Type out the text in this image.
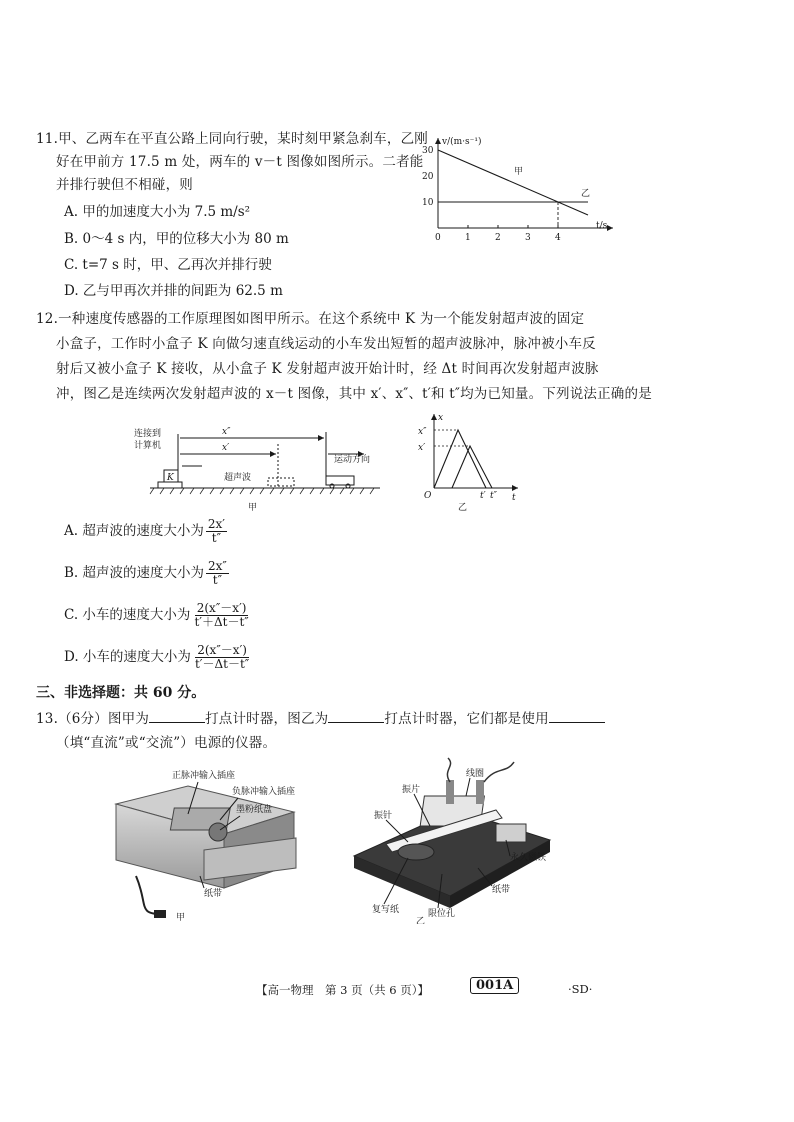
11.甲、乙两车在平直公路上同向行驶，某时刻甲紧急刹车，乙刚
好在甲前方 17.5 m 处，两车的 v－t 图像如图所示。二者能
并排行驶但不相碰，则
A. 甲的加速度大小为 7.5 m/s²
B. 0～4 s 内，甲的位移大小为 80 m
C. t=7 s 时，甲、乙再次并排行驶
D. 乙与甲再次并排的间距为 62.5 m
v/(m·s⁻¹)
t/s
30
20
10
0	1	2	3	4
甲
乙
12.一种速度传感器的工作原理图如图甲所示。在这个系统中 K 为一个能发射超声波的固定
小盒子，工作时小盒子 K 向做匀速直线运动的小车发出短暂的超声波脉冲，脉冲被小车反
射后又被小盒子 K 接收，从小盒子 K 发射超声波开始计时，经 Δt 时间再次发射超声波脉
冲，图乙是连续两次发射超声波的 x－t 图像，其中 x′、x″、t′和 t″均为已知量。下列说法正确的是
连接到
计算机
K
x″
x′
超声波
运动方向
甲
x
t
O
x″
x′
t′ t″
乙
A. 超声波的速度大小为 $\frac{2x'}{t''}$
B. 超声波的速度大小为 $\frac{2x''}{t''}$
C. 小车的速度大小为 $\frac{2(x''-x')}{t'+\Delta t-t''}$
D. 小车的速度大小为 $\frac{2(x''-x')}{t'-\Delta t-t''}$
三、非选择题：共 60 分。
13.（6分）图甲为	打点计时器，图乙为	打点计时器，它们都是使用
（填“直流”或“交流”）电源的仪器。
正脉冲输入插座
负脉冲输入插座
墨粉纸盘
纸带
甲
线圈
振片
振针
永久磁铁
复写纸	限位孔
纸带
乙
【高一物理　第 3 页（共 6 页）】	001A	·SD·
